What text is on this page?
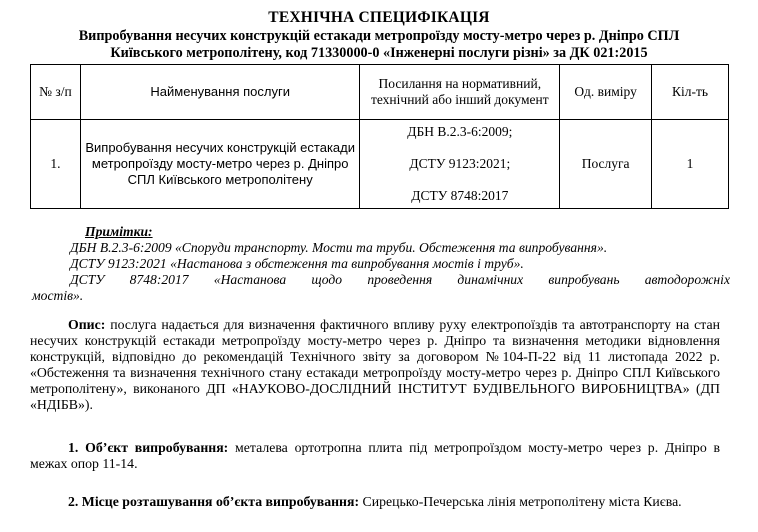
ТЕХНІЧНА СПЕЦИФІКАЦІЯ
Випробування несучих конструкцій естакади метропроїзду мосту-метро через р. Дніпро СПЛ
Київського метрополітену, код 71330000-0 «Інженерні послуги різні» за ДК 021:2015
№ з/п	Найменування послуги	Посилання на нормативний, технічний або інший документ	Од. виміру	Кіл-ть
1.	Випробування несучих конструкцій естакади метропроїзду мосту-метро через р. Дніпро СПЛ Київського метрополітену	ДБН В.2.3-6:2009;
ДСТУ 9123:2021;
ДСТУ 8748:2017	Послуга	1
Примітки:
ДБН В.2.3-6:2009 «Споруди транспорту. Мости та труби. Обстеження та випробування».
ДСТУ 9123:2021 «Настанова з обстеження та випробування мостів і труб».
ДСТУ 8748:2017 «Настанова щодо проведення динамічних випробувань автодорожніх
мостів».
Опис: послуга надається для визначення фактичного впливу руху електропоїздів та автотранспорту на стан несучих конструкцій естакади метропроїзду мосту-метро через р. Дніпро та визначення методики відновлення конструкцій, відповідно до рекомендацій Технічного звіту за договором №104-П-22 від 11 листопада 2022 р. «Обстеження та визначення технічного стану естакади метропроїзду мосту-метро через р. Дніпро СПЛ Київського метрополітену», виконаного ДП «НАУКОВО-ДОСЛІДНИЙ ІНСТИТУТ БУДІВЕЛЬНОГО ВИРОБНИЦТВА» (ДП «НДІБВ»).
1. Об’єкт випробування: металева ортотропна плита під метропроїздом мосту-метро через р. Дніпро в межах опор 11-14.
2. Місце розташування об’єкта випробування: Сирецько-Печерська лінія метрополітену міста Києва.
